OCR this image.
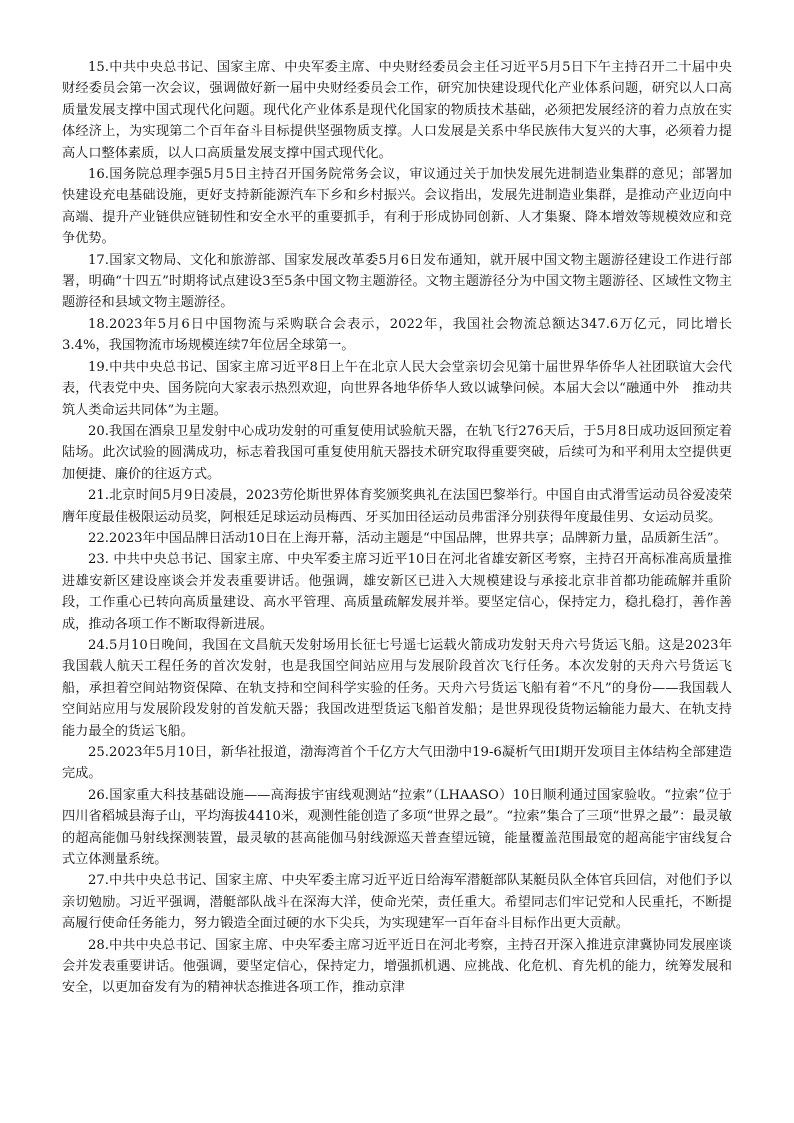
15.中共中央总书记、国家主席、中央军委主席、中央财经委员会主任习近平5月5日下午主持召开二十届中央财经委员会第一次会议，强调做好新一届中央财经委员会工作，研究加快建设现代化产业体系问题，研究以人口高质量发展支撑中国式现代化问题。现代化产业体系是现代化国家的物质技术基础，必须把发展经济的着力点放在实体经济上，为实现第二个百年奋斗目标提供坚强物质支撑。人口发展是关系中华民族伟大复兴的大事，必须着力提高人口整体素质，以人口高质量发展支撑中国式现代化。

16.国务院总理李强5月5日主持召开国务院常务会议，审议通过关于加快发展先进制造业集群的意见；部署加快建设充电基础设施，更好支持新能源汽车下乡和乡村振兴。会议指出，发展先进制造业集群，是推动产业迈向中高端、提升产业链供应链韧性和安全水平的重要抓手，有利于形成协同创新、人才集聚、降本增效等规模效应和竞争优势。

17.国家文物局、文化和旅游部、国家发展改革委5月6日发布通知，就开展中国文物主题游径建设工作进行部署，明确“十四五”时期将试点建设3至5条中国文物主题游径。文物主题游径分为中国文物主题游径、区域性文物主题游径和县域文物主题游径。

18.2023年5月6日中国物流与采购联合会表示，2022年，我国社会物流总额达347.6万亿元，同比增长3.4%，我国物流市场规模连续7年位居全球第一。

19.中共中央总书记、国家主席习近平8日上午在北京人民大会堂亲切会见第十届世界华侨华人社团联谊大会代表，代表党中央、国务院向大家表示热烈欢迎，向世界各地华侨华人致以诚挚问候。本届大会以“融通中外　推动共筑人类命运共同体”为主题。

20.我国在酒泉卫星发射中心成功发射的可重复使用试验航天器，在轨飞行276天后，于5月8日成功返回预定着陆场。此次试验的圆满成功，标志着我国可重复使用航天器技术研究取得重要突破，后续可为和平利用太空提供更加便捷、廉价的往返方式。

21.北京时间5月9日凌晨，2023劳伦斯世界体育奖颁奖典礼在法国巴黎举行。中国自由式滑雪运动员谷爱凌荣膺年度最佳极限运动员奖，阿根廷足球运动员梅西、牙买加田径运动员弗雷泽分别获得年度最佳男、女运动员奖。

22.2023年中国品牌日活动10日在上海开幕，活动主题是“中国品牌，世界共享；品牌新力量，品质新生活”。

23. 中共中央总书记、国家主席、中央军委主席习近平10日在河北省雄安新区考察，主持召开高标准高质量推进雄安新区建设座谈会并发表重要讲话。他强调，雄安新区已进入大规模建设与承接北京非首都功能疏解并重阶段，工作重心已转向高质量建设、高水平管理、高质量疏解发展并举。要坚定信心，保持定力，稳扎稳打，善作善成，推动各项工作不断取得新进展。

24.5月10日晚间，我国在文昌航天发射场用长征七号遥七运载火箭成功发射天舟六号货运飞船。这是2023年我国载人航天工程任务的首次发射，也是我国空间站应用与发展阶段首次飞行任务。本次发射的天舟六号货运飞船，承担着空间站物资保障、在轨支持和空间科学实验的任务。天舟六号货运飞船有着“不凡”的身份——我国载人空间站应用与发展阶段发射的首发航天器；我国改进型货运飞船首发船；是世界现役货物运输能力最大、在轨支持能力最全的货运飞船。

25.2023年5月10日，新华社报道，渤海湾首个千亿方大气田渤中19-6凝析气田I期开发项目主体结构全部建造完成。

26.国家重大科技基础设施——高海拔宇宙线观测站“拉索”（LHAASO）10日顺利通过国家验收。“拉索”位于四川省稻城县海子山，平均海拔4410米，观测性能创造了多项“世界之最”。“拉索”集合了三项“世界之最”：最灵敏的超高能伽马射线探测装置，最灵敏的甚高能伽马射线源巡天普查望远镜，能量覆盖范围最宽的超高能宇宙线复合式立体测量系统。

27.中共中央总书记、国家主席、中央军委主席习近平近日给海军潜艇部队某艇员队全体官兵回信，对他们予以亲切勉励。习近平强调，潜艇部队战斗在深海大洋，使命光荣，责任重大。希望同志们牢记党和人民重托，不断提高履行使命任务能力，努力锻造全面过硬的水下尖兵，为实现建军一百年奋斗目标作出更大贡献。

28.中共中央总书记、国家主席、中央军委主席习近平近日在河北考察，主持召开深入推进京津冀协同发展座谈会并发表重要讲话。他强调，要坚定信心，保持定力，增强抓机遇、应挑战、化危机、育先机的能力，统筹发展和安全，以更加奋发有为的精神状态推进各项工作，推动京津
